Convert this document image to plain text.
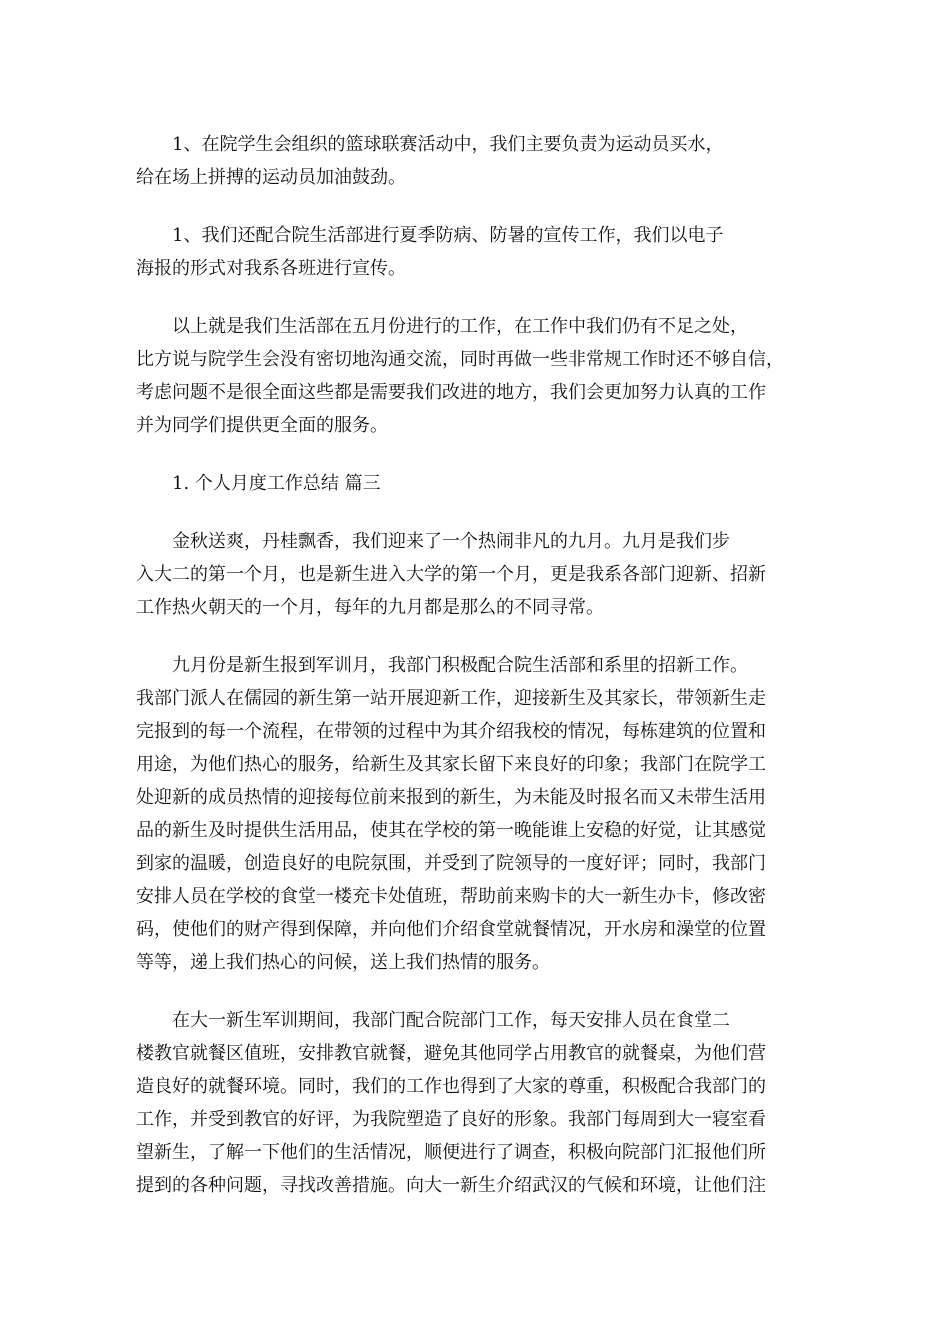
1、在院学生会组织的篮球联赛活动中，我们主要负责为运动员买水，
给在场上拼搏的运动员加油鼓劲。

1、我们还配合院生活部进行夏季防病、防暑的宣传工作，我们以电子
海报的形式对我系各班进行宣传。

以上就是我们生活部在五月份进行的工作，在工作中我们仍有不足之处，
比方说与院学生会没有密切地沟通交流，同时再做一些非常规工作时还不够自信，
考虑问题不是很全面这些都是需要我们改进的地方，我们会更加努力认真的工作
并为同学们提供更全面的服务。

1. 个人月度工作总结 篇三

金秋送爽，丹桂飘香，我们迎来了一个热闹非凡的九月。九月是我们步
入大二的第一个月，也是新生进入大学的第一个月，更是我系各部门迎新、招新
工作热火朝天的一个月，每年的九月都是那么的不同寻常。

九月份是新生报到军训月，我部门积极配合院生活部和系里的招新工作。
我部门派人在儒园的新生第一站开展迎新工作，迎接新生及其家长，带领新生走
完报到的每一个流程，在带领的过程中为其介绍我校的情况，每栋建筑的位置和
用途，为他们热心的服务，给新生及其家长留下来良好的印象；我部门在院学工
处迎新的成员热情的迎接每位前来报到的新生，为未能及时报名而又未带生活用
品的新生及时提供生活用品，使其在学校的第一晚能谁上安稳的好觉，让其感觉
到家的温暖，创造良好的电院氛围，并受到了院领导的一度好评；同时，我部门
安排人员在学校的食堂一楼充卡处值班，帮助前来购卡的大一新生办卡，修改密
码，使他们的财产得到保障，并向他们介绍食堂就餐情况，开水房和澡堂的位置
等等，递上我们热心的问候，送上我们热情的服务。

在大一新生军训期间，我部门配合院部门工作，每天安排人员在食堂二
楼教官就餐区值班，安排教官就餐，避免其他同学占用教官的就餐桌，为他们营
造良好的就餐环境。同时，我们的工作也得到了大家的尊重，积极配合我部门的
工作，并受到教官的好评，为我院塑造了良好的形象。我部门每周到大一寝室看
望新生，了解一下他们的生活情况，顺便进行了调查，积极向院部门汇报他们所
提到的各种问题，寻找改善措施。向大一新生介绍武汉的气候和环境，让他们注
